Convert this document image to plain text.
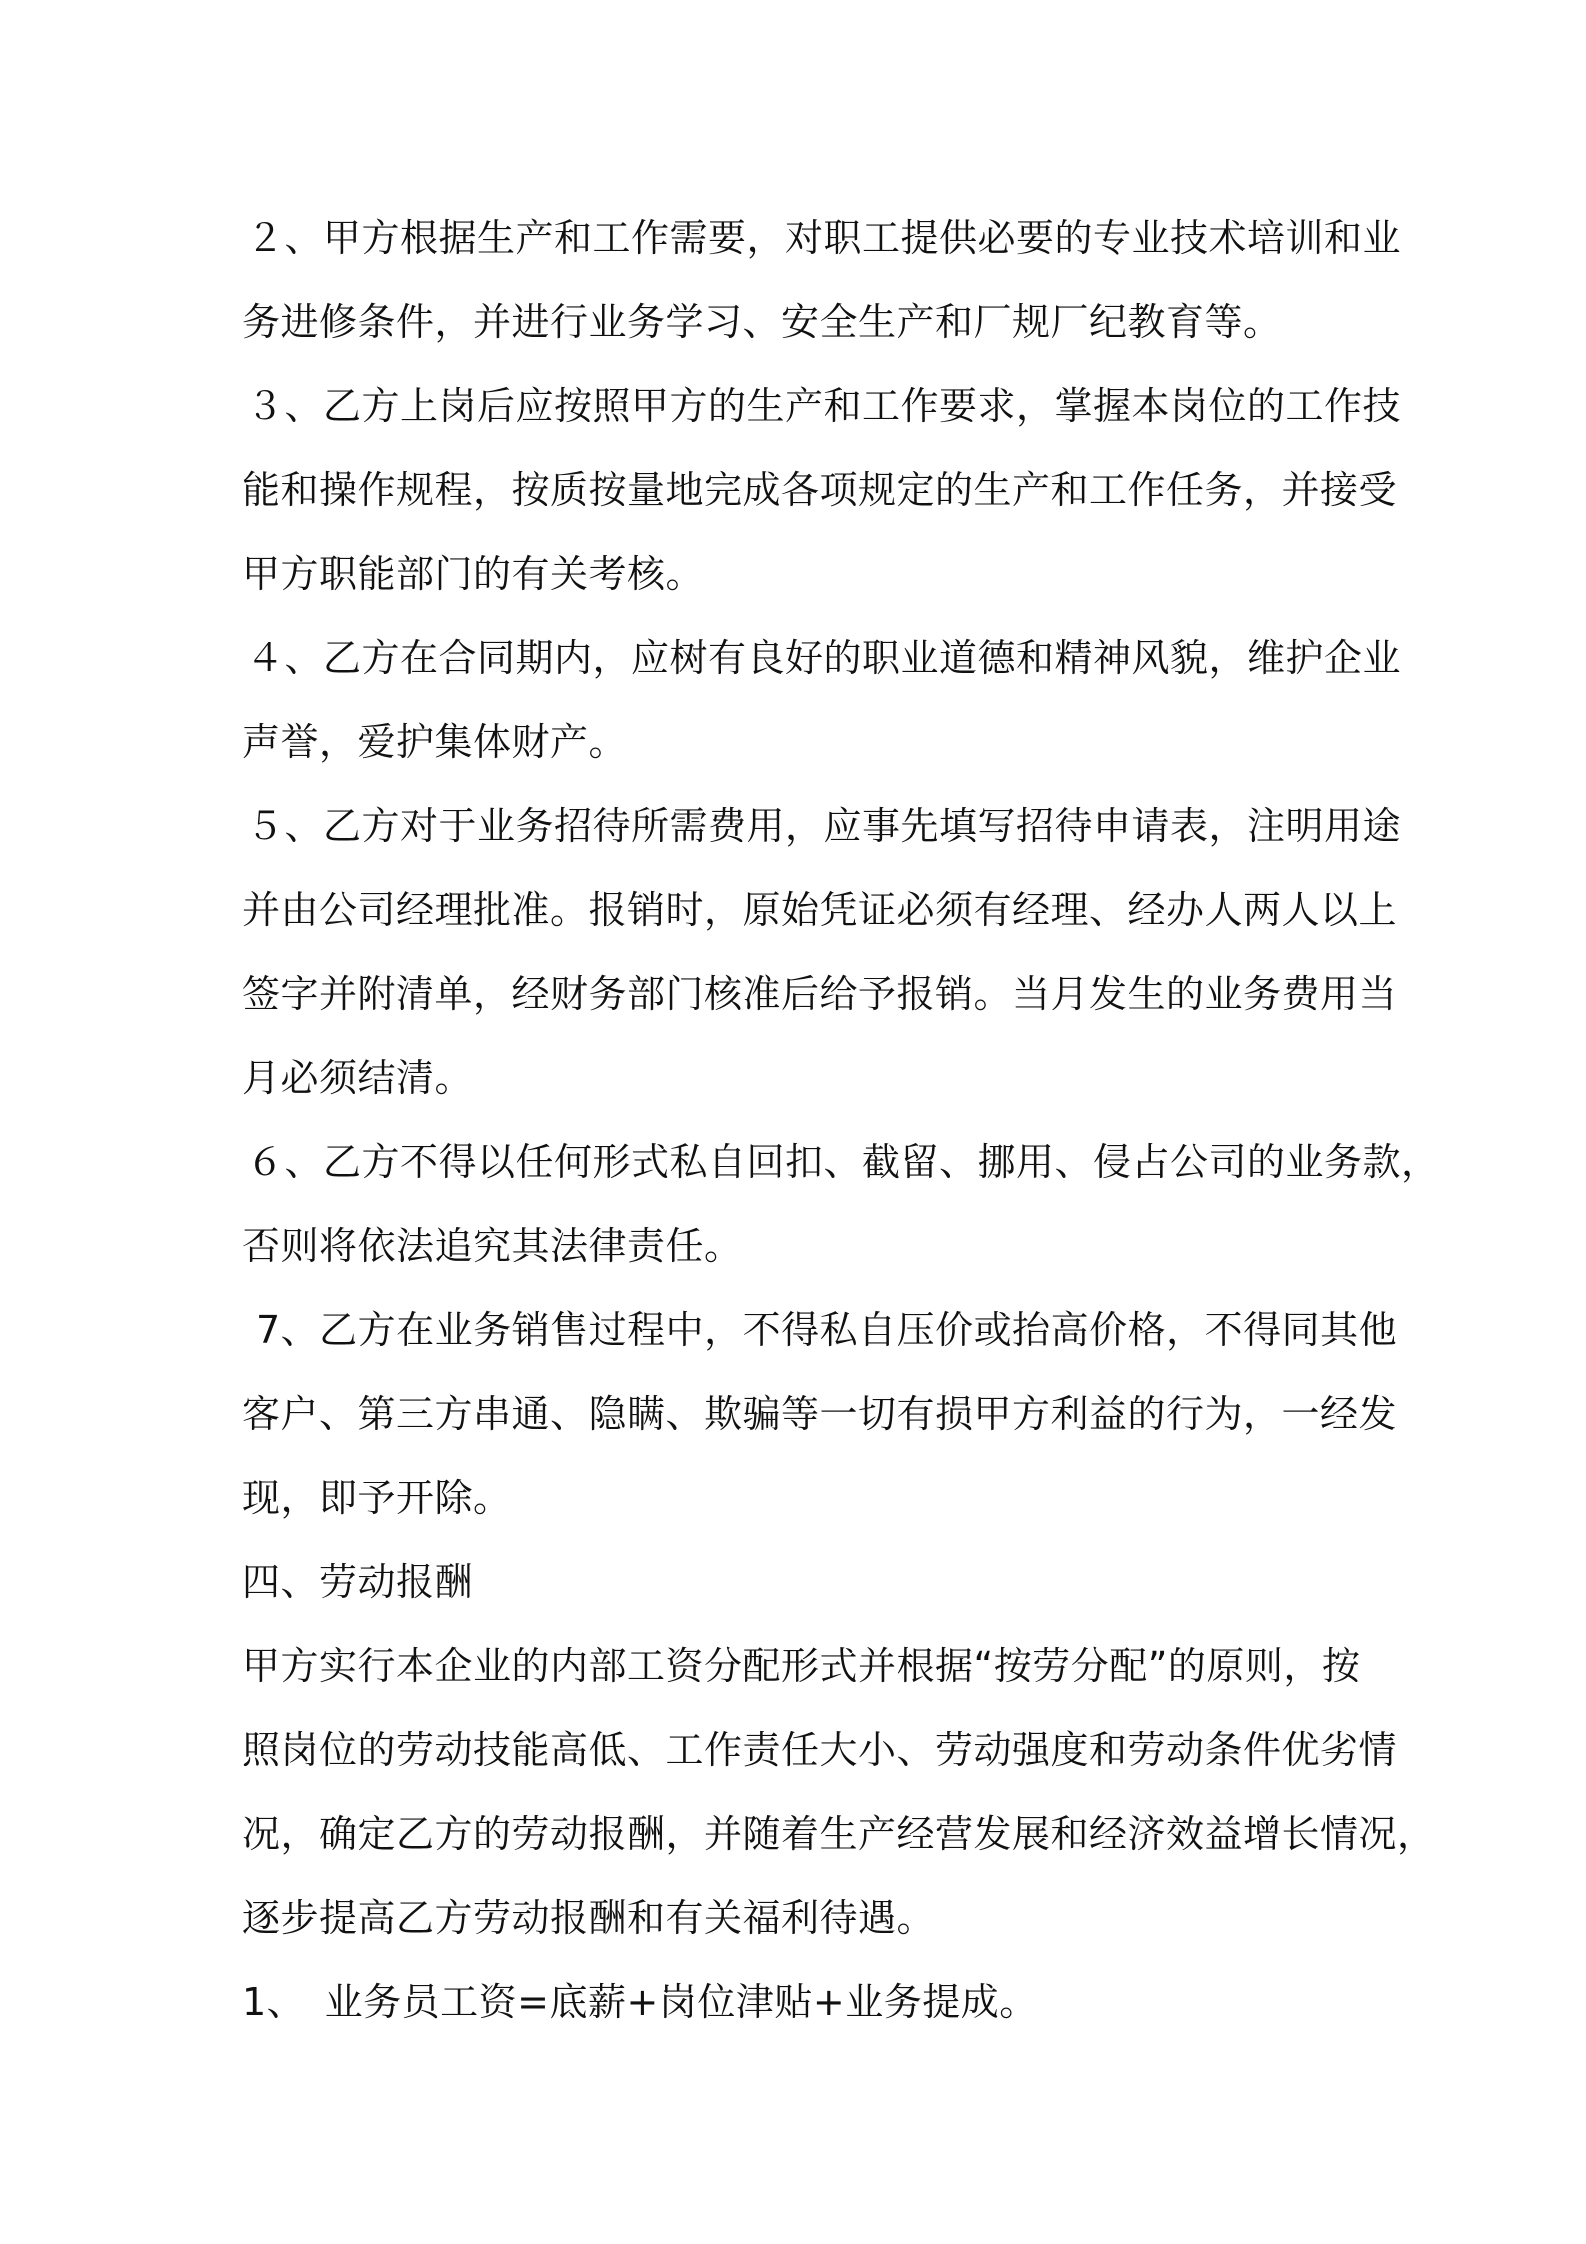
２、甲方根据生产和工作需要，对职工提供必要的专业技术培训和业

务进修条件，并进行业务学习、安全生产和厂规厂纪教育等。

３、乙方上岗后应按照甲方的生产和工作要求，掌握本岗位的工作技

能和操作规程，按质按量地完成各项规定的生产和工作任务，并接受

甲方职能部门的有关考核。

４、乙方在合同期内，应树有良好的职业道德和精神风貌，维护企业

声誉，爱护集体财产。

５、乙方对于业务招待所需费用，应事先填写招待申请表，注明用途

并由公司经理批准。报销时，原始凭证必须有经理、经办人两人以上

签字并附清单，经财务部门核准后给予报销。当月发生的业务费用当

月必须结清。

６、乙方不得以任何形式私自回扣、截留、挪用、侵占公司的业务款，

否则将依法追究其法律责任。

7、乙方在业务销售过程中，不得私自压价或抬高价格，不得同其他

客户、第三方串通、隐瞒、欺骗等一切有损甲方利益的行为，一经发

现，即予开除。

四、劳动报酬

甲方实行本企业的内部工资分配形式并根据“按劳分配”的原则，按

照岗位的劳动技能高低、工作责任大小、劳动强度和劳动条件优劣情

况，确定乙方的劳动报酬，并随着生产经营发展和经济效益增长情况，

逐步提高乙方劳动报酬和有关福利待遇。

1、　业务员工资=底薪+岗位津贴+业务提成。
